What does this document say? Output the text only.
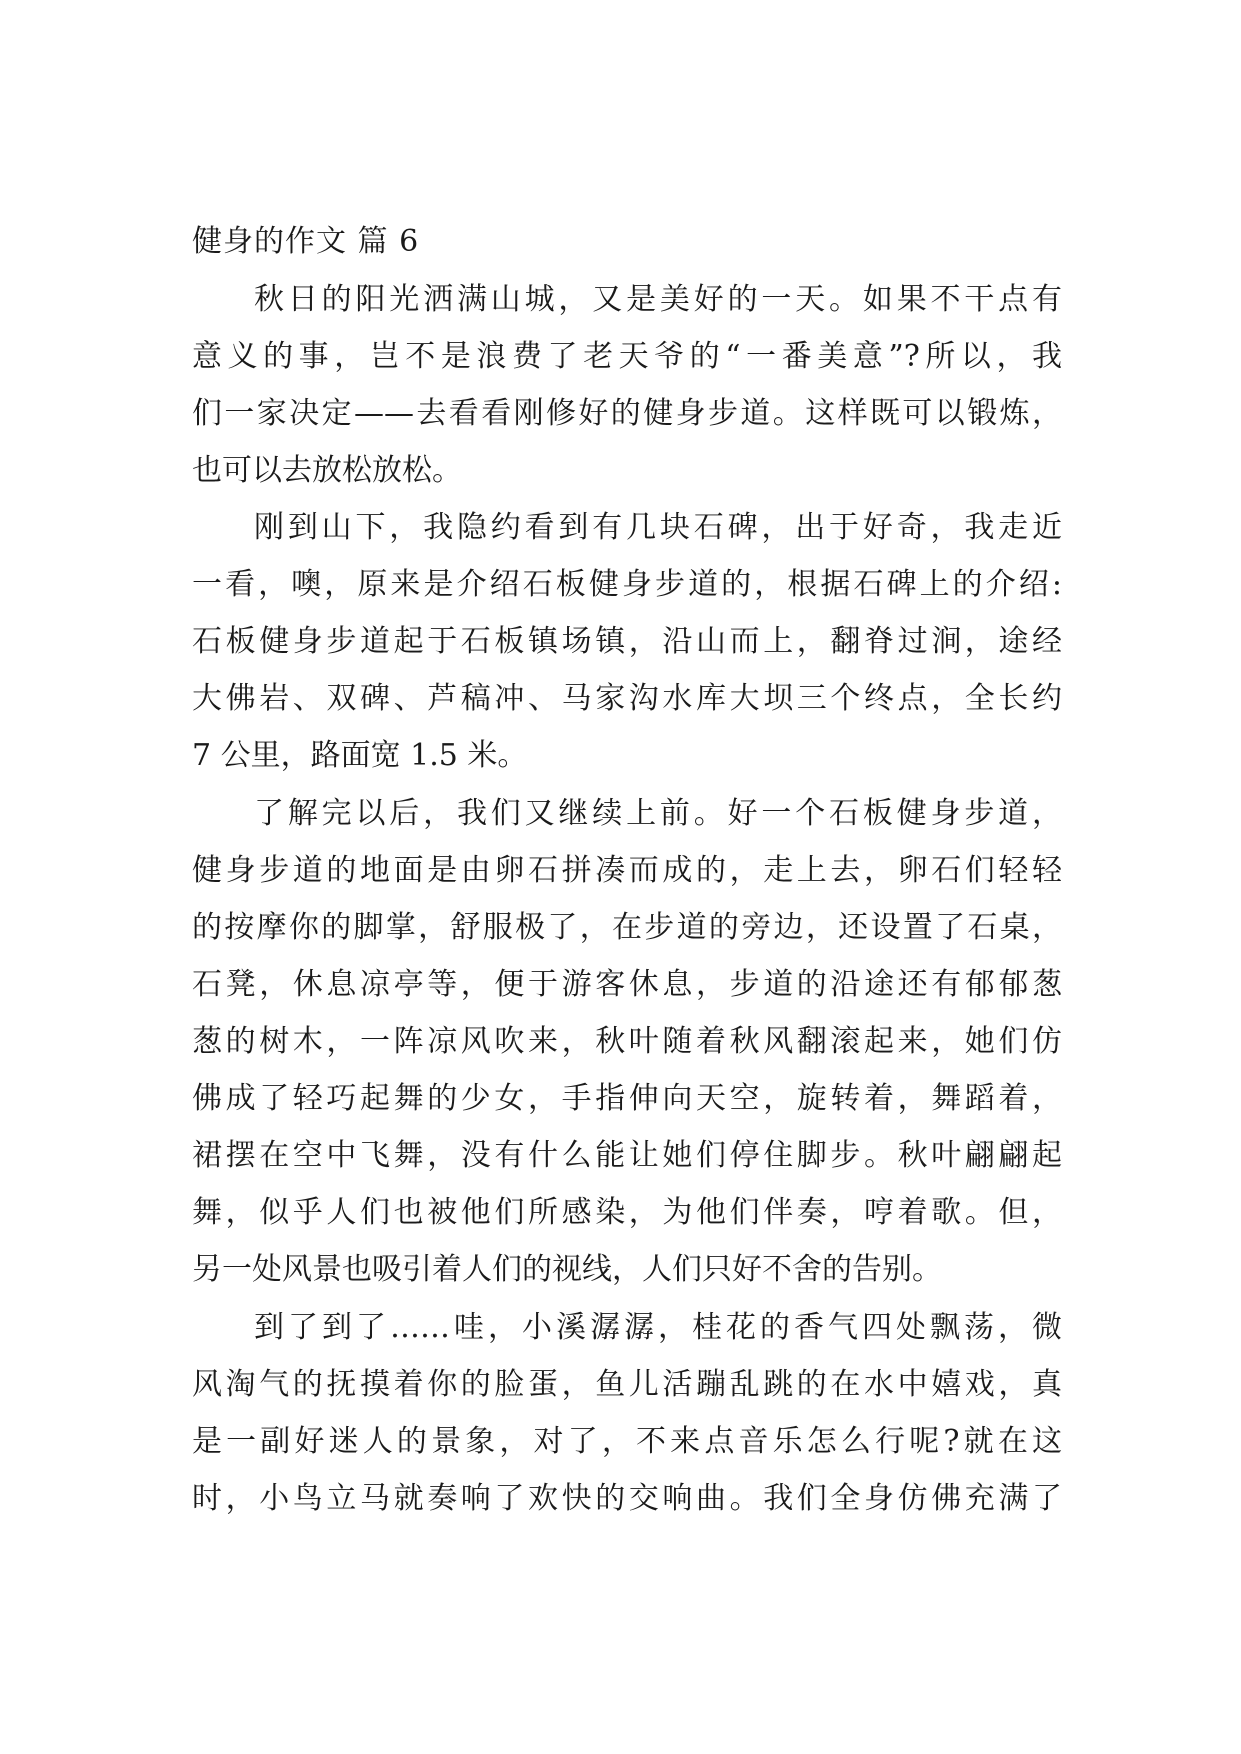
健身的作文 篇 6
秋日的阳光洒满山城，又是美好的一天。如果不干点有
意义的事，岂不是浪费了老天爷的“一番美意”?所以，我
们一家决定——去看看刚修好的健身步道。这样既可以锻炼，
也可以去放松放松。
刚到山下，我隐约看到有几块石碑，出于好奇，我走近
一看，噢，原来是介绍石板健身步道的，根据石碑上的介绍:
石板健身步道起于石板镇场镇，沿山而上，翻脊过涧，途经
大佛岩、双碑、芦稿冲、马家沟水库大坝三个终点，全长约
7 公里，路面宽 1.5 米。
了解完以后，我们又继续上前。好一个石板健身步道，
健身步道的地面是由卵石拼凑而成的，走上去，卵石们轻轻
的按摩你的脚掌，舒服极了，在步道的旁边，还设置了石桌，
石凳，休息凉亭等，便于游客休息，步道的沿途还有郁郁葱
葱的树木，一阵凉风吹来，秋叶随着秋风翻滚起来，她们仿
佛成了轻巧起舞的少女，手指伸向天空，旋转着，舞蹈着，
裙摆在空中飞舞，没有什么能让她们停住脚步。秋叶翩翩起
舞，似乎人们也被他们所感染，为他们伴奏，哼着歌。但，
另一处风景也吸引着人们的视线，人们只好不舍的告别。
到了到了……哇，小溪潺潺，桂花的香气四处飘荡，微
风淘气的抚摸着你的脸蛋，鱼儿活蹦乱跳的在水中嬉戏，真
是一副好迷人的景象，对了，不来点音乐怎么行呢?就在这
时，小鸟立马就奏响了欢快的交响曲。我们全身仿佛充满了
